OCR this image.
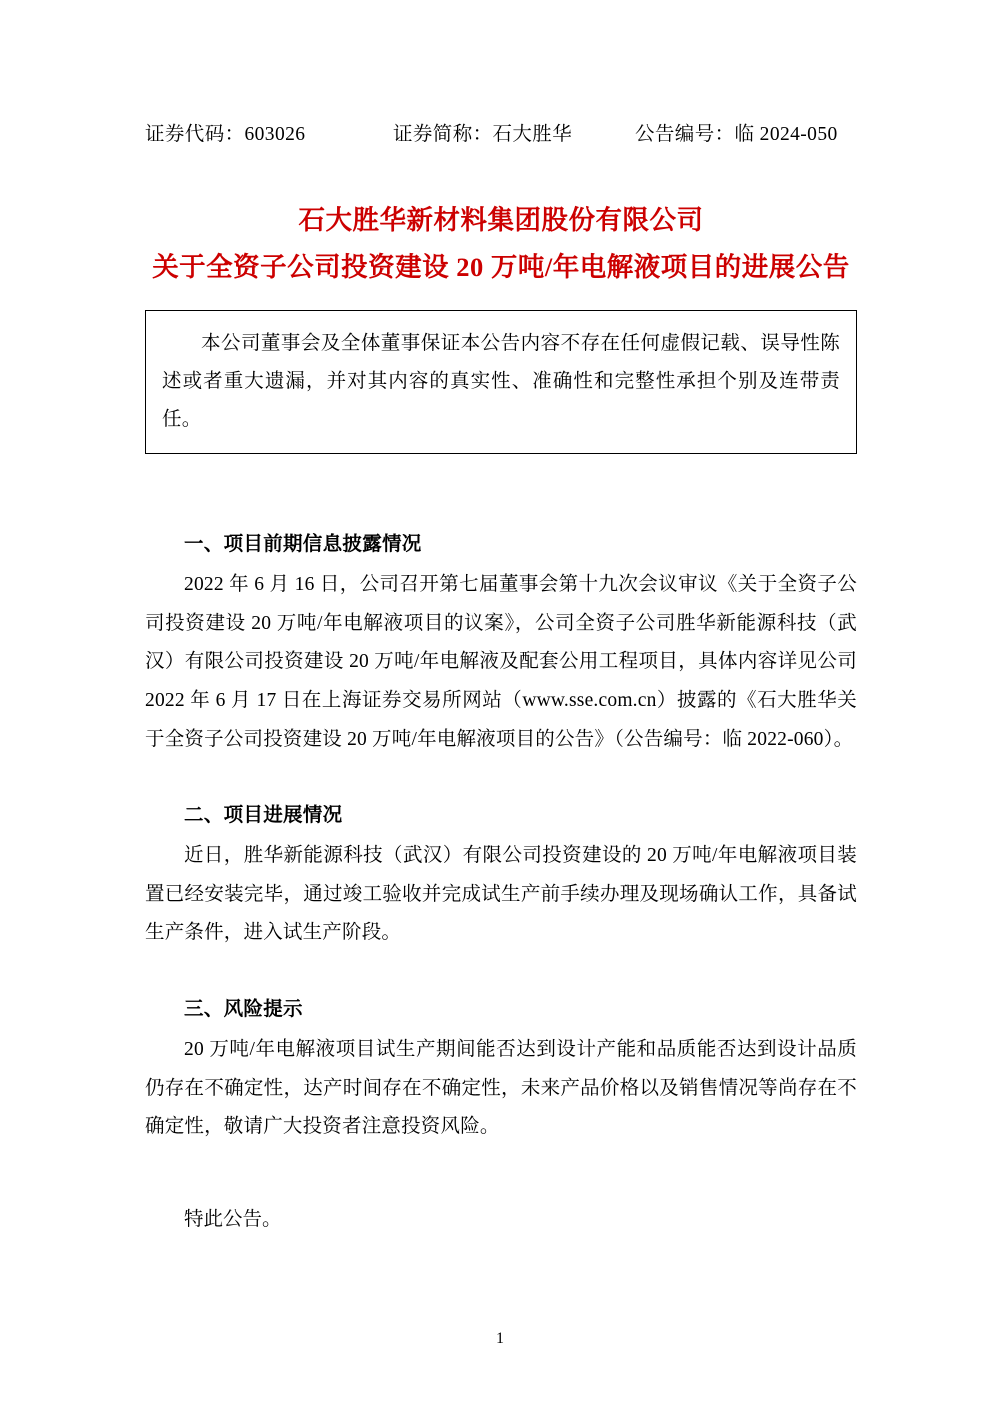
证券代码：603026	证券简称：石大胜华	公告编号：临 2024-050
石大胜华新材料集团股份有限公司
关于全资子公司投资建设 20 万吨/年电解液项目的进展公告

本公司董事会及全体董事保证本公告内容不存在任何虚假记载、误导性陈述或者重大遗漏，并对其内容的真实性、准确性和完整性承担个别及连带责任。

一、项目前期信息披露情况

2022 年 6 月 16 日，公司召开第七届董事会第十九次会议审议《关于全资子公司投资建设 20 万吨/年电解液项目的议案》，公司全资子公司胜华新能源科技（武汉）有限公司投资建设 20 万吨/年电解液及配套公用工程项目，具体内容详见公司 2022 年 6 月 17 日在上海证券交易所网站（www.sse.com.cn）披露的《石大胜华关于全资子公司投资建设 20 万吨/年电解液项目的公告》（公告编号：临 2022-060）。

二、项目进展情况

近日，胜华新能源科技（武汉）有限公司投资建设的 20 万吨/年电解液项目装置已经安装完毕，通过竣工验收并完成试生产前手续办理及现场确认工作，具备试生产条件，进入试生产阶段。

三、风险提示

20 万吨/年电解液项目试生产期间能否达到设计产能和品质能否达到设计品质仍存在不确定性，达产时间存在不确定性，未来产品价格以及销售情况等尚存在不确定性，敬请广大投资者注意投资风险。

特此公告。

1
